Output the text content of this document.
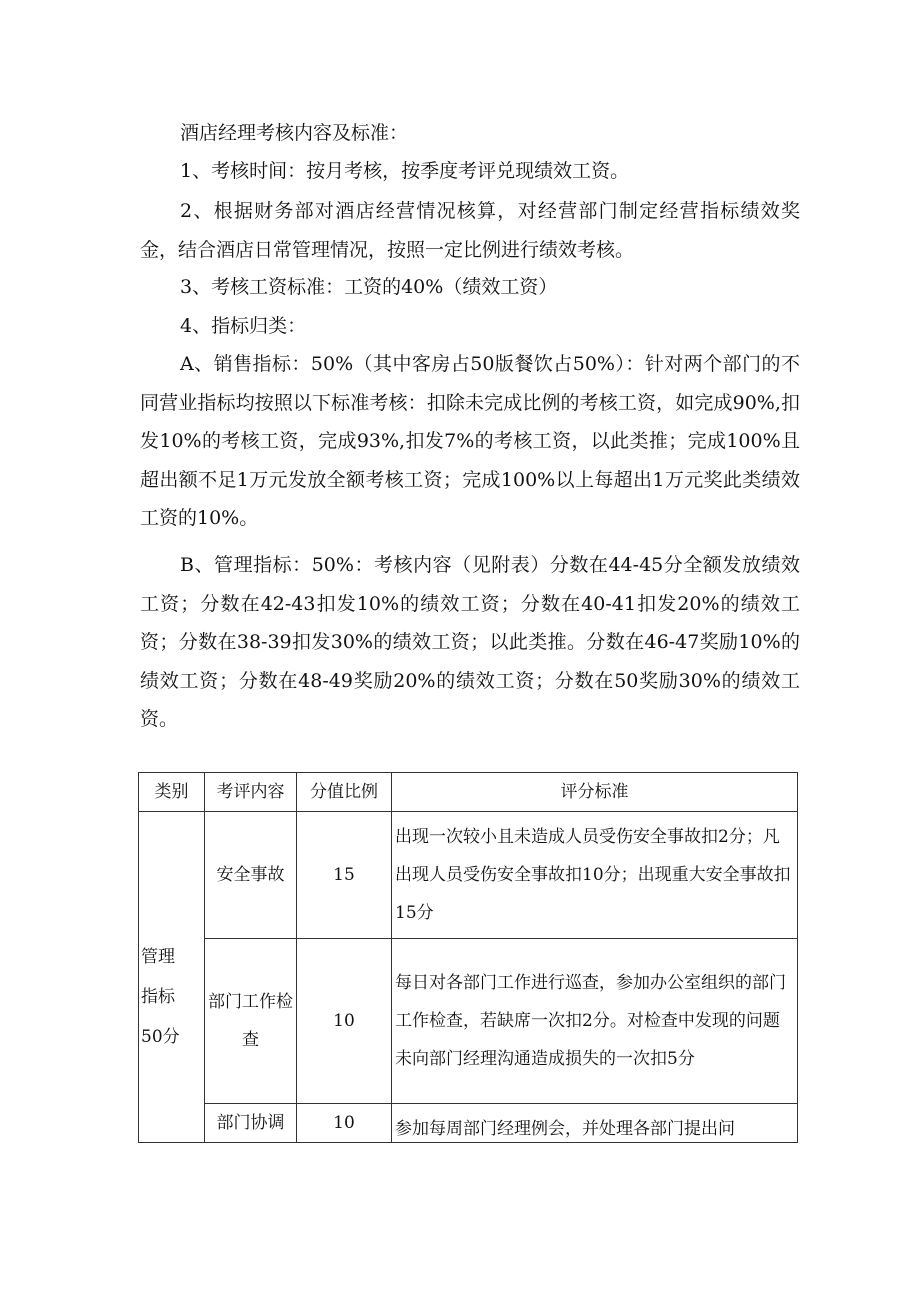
酒店经理考核内容及标准：

1、考核时间：按月考核，按季度考评兑现绩效工资。

2、根据财务部对酒店经营情况核算，对经营部门制定经营指标绩效奖金，结合酒店日常管理情况，按照一定比例进行绩效考核。

3、考核工资标准：工资的40%（绩效工资）

4、指标归类：

A、销售指标：50%（其中客房占50版餐饮占50%）：针对两个部门的不同营业指标均按照以下标准考核：扣除未完成比例的考核工资，如完成90%,扣发10%的考核工资，完成93%,扣发7%的考核工资，以此类推；完成100%且超出额不足1万元发放全额考核工资；完成100%以上每超出1万元奖此类绩效工资的10%。

B、管理指标：50%：考核内容（见附表）分数在44-45分全额发放绩效工资；分数在42-43扣发10%的绩效工资；分数在40-41扣发20%的绩效工资；分数在38-39扣发30%的绩效工资；以此类推。分数在46-47奖励10%的绩效工资；分数在48-49奖励20%的绩效工资；分数在50奖励30%的绩效工资。

类别	考评内容	分值比例	评分标准

管理
指标
50分	安全事故	15	出现一次较小且未造成人员受伤安全事故扣2分；凡出现人员受伤安全事故扣10分；出现重大安全事故扣15分
	部门工作检查	10	每日对各部门工作进行巡查，参加办公室组织的部门工作检查，若缺席一次扣2分。对检查中发现的问题未向部门经理沟通造成损失的一次扣5分
	部门协调	10	参加每周部门经理例会，并处理各部门提出问
